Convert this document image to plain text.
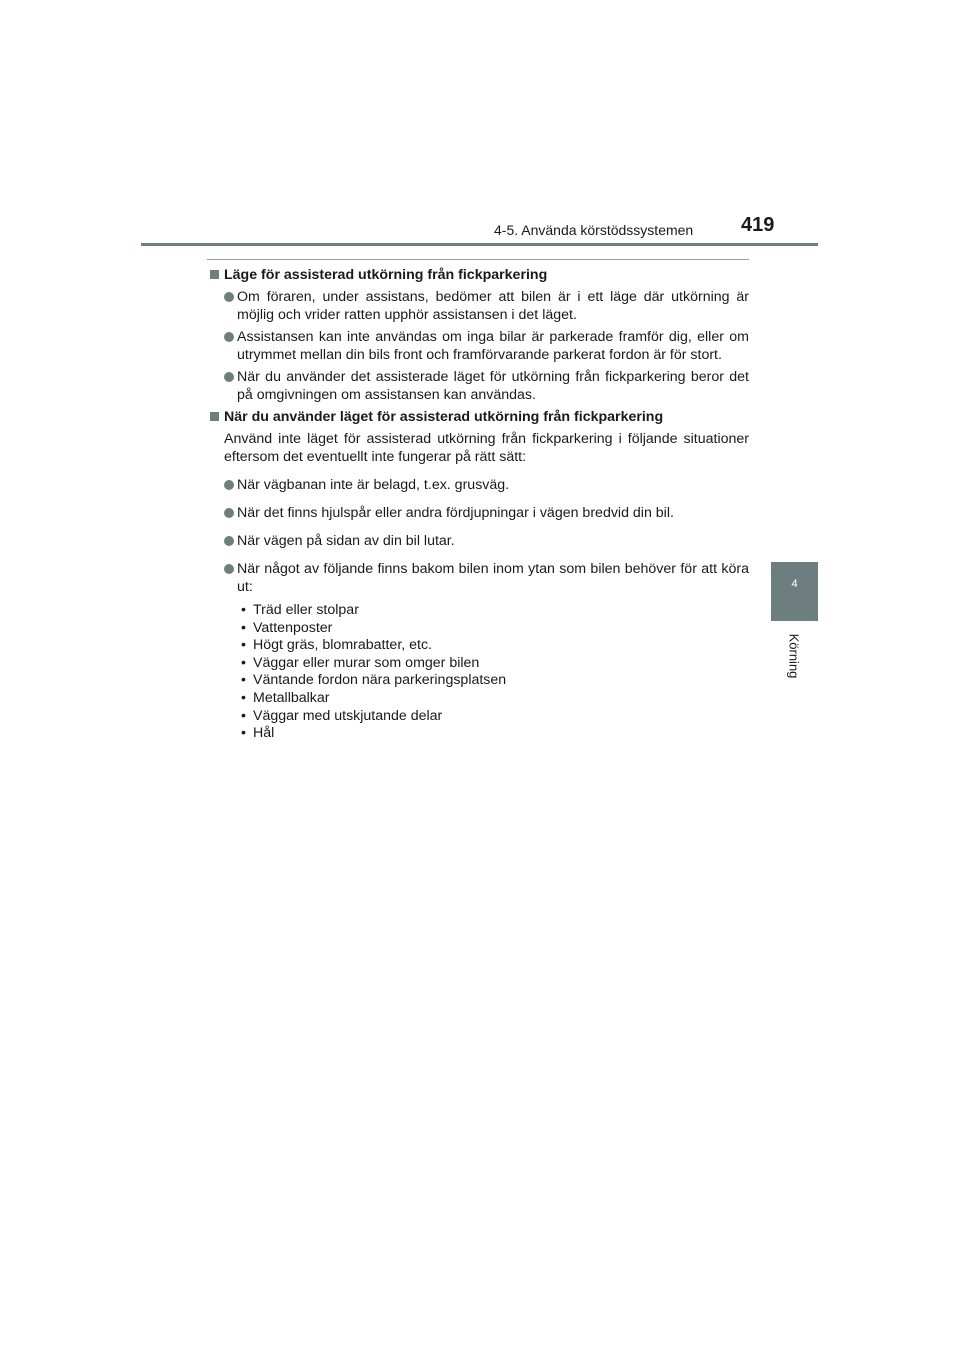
4-5. Använda körstödssystemen 419
4
Körning
Läge för assisterad utkörning från fickparkering
Om föraren, under assistans, bedömer att bilen är i ett läge där utkörning är möjlig och vrider ratten upphör assistansen i det läget.
Assistansen kan inte användas om inga bilar är parkerade framför dig, eller om utrymmet mellan din bils front och framförvarande parkerat fordon är för stort.
När du använder det assisterade läget för utkörning från fickparkering beror det på omgivningen om assistansen kan användas.
När du använder läget för assisterad utkörning från fickparkering
Använd inte läget för assisterad utkörning från fickparkering i följande situationer eftersom det eventuellt inte fungerar på rätt sätt:
När vägbanan inte är belagd, t.ex. grusväg.
När det finns hjulspår eller andra fördjupningar i vägen bredvid din bil.
När vägen på sidan av din bil lutar.
När något av följande finns bakom bilen inom ytan som bilen behöver för att köra ut:
• Träd eller stolpar
• Vattenposter
• Högt gräs, blomrabatter, etc.
• Väggar eller murar som omger bilen
• Väntande fordon nära parkeringsplatsen
• Metallbalkar
• Väggar med utskjutande delar
• Hål
